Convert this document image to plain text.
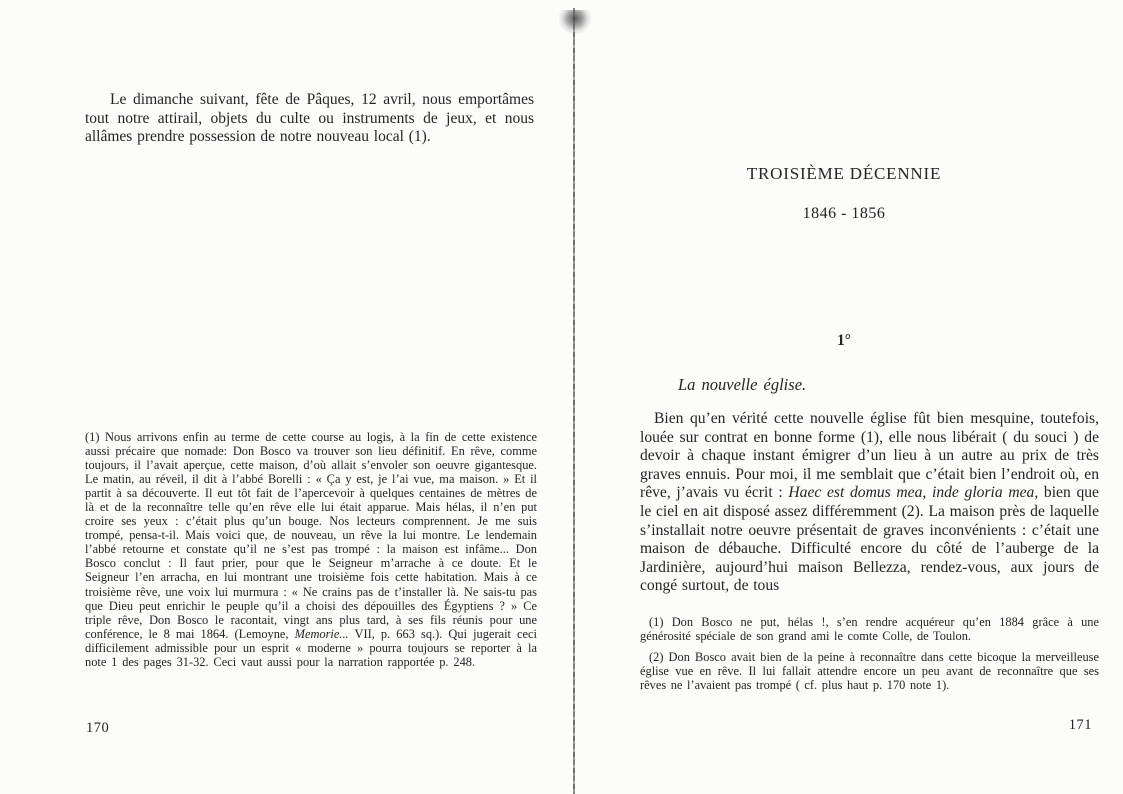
Le dimanche suivant, fête de Pâques, 12 avril, nous emportâmes tout notre attirail, objets du culte ou instruments de jeux, et nous allâmes prendre possession de notre nouveau local (1).

(1) Nous arrivons enfin au terme de cette course au logis, à la fin de cette existence aussi précaire que nomade: Don Bosco va trouver son lieu définitif. En rêve, comme toujours, il l’avait aperçue, cette maison, d’où allait s’envoler son oeuvre gigantesque. Le matin, au réveil, il dit à l’abbé Borelli : « Ça y est, je l’ai vue, ma maison. » Et il partit à sa découverte. Il eut tôt fait de l’apercevoir à quelques centaines de mètres de là et de la reconnaître telle qu’en rêve elle lui était apparue. Mais hélas, il n’en put croire ses yeux : c’était plus qu’un bouge. Nos lecteurs comprennent. Je me suis trompé, pensa-t-il. Mais voici que, de nouveau, un rêve la lui montre. Le lendemain l’abbé retourne et constate qu’il ne s’est pas trompé : la maison est infâme... Don Bosco conclut : Il faut prier, pour que le Seigneur m’arrache à ce doute. Et le Seigneur l’en arracha, en lui montrant une troisième fois cette habitation. Mais à ce troisième rêve, une voix lui murmura : « Ne crains pas de t’installer là. Ne sais-tu pas que Dieu peut enrichir le peuple qu’il a choisi des dépouilles des Égyptiens ? » Ce triple rêve, Don Bosco le racontait, vingt ans plus tard, à ses fils réunis pour une conférence, le 8 mai 1864. (Lemoyne, Memorie... VII, p. 663 sq.). Qui jugerait ceci difficilement admissible pour un esprit « moderne » pourra toujours se reporter à la note 1 des pages 31-32. Ceci vaut aussi pour la narration rapportée p. 248.

170
TROISIÈME DÉCENNIE
1846 - 1856
1°
La nouvelle église.

Bien qu’en vérité cette nouvelle église fût bien mesquine, toutefois, louée sur contrat en bonne forme (1), elle nous libérait ( du souci ) de devoir à chaque instant émigrer d’un lieu à un autre au prix de très graves ennuis. Pour moi, il me semblait que c’était bien l’endroit où, en rêve, j’avais vu écrit : Haec est domus mea, inde gloria mea, bien que le ciel en ait disposé assez différemment (2). La maison près de laquelle s’installait notre oeuvre présentait de graves inconvénients : c’était une maison de débauche. Difficulté encore du côté de l’auberge de la Jardinière, aujourd’hui maison Bellezza, rendez-vous, aux jours de congé surtout, de tous

(1) Don Bosco ne put, hélas !, s’en rendre acquéreur qu’en 1884 grâce à une générosité spéciale de son grand ami le comte Colle, de Toulon.

(2) Don Bosco avait bien de la peine à reconnaître dans cette bicoque la merveilleuse église vue en rêve. Il lui fallait attendre encore un peu avant de reconnaître que ses rêves ne l’avaient pas trompé ( cf. plus haut p. 170 note 1).

171
